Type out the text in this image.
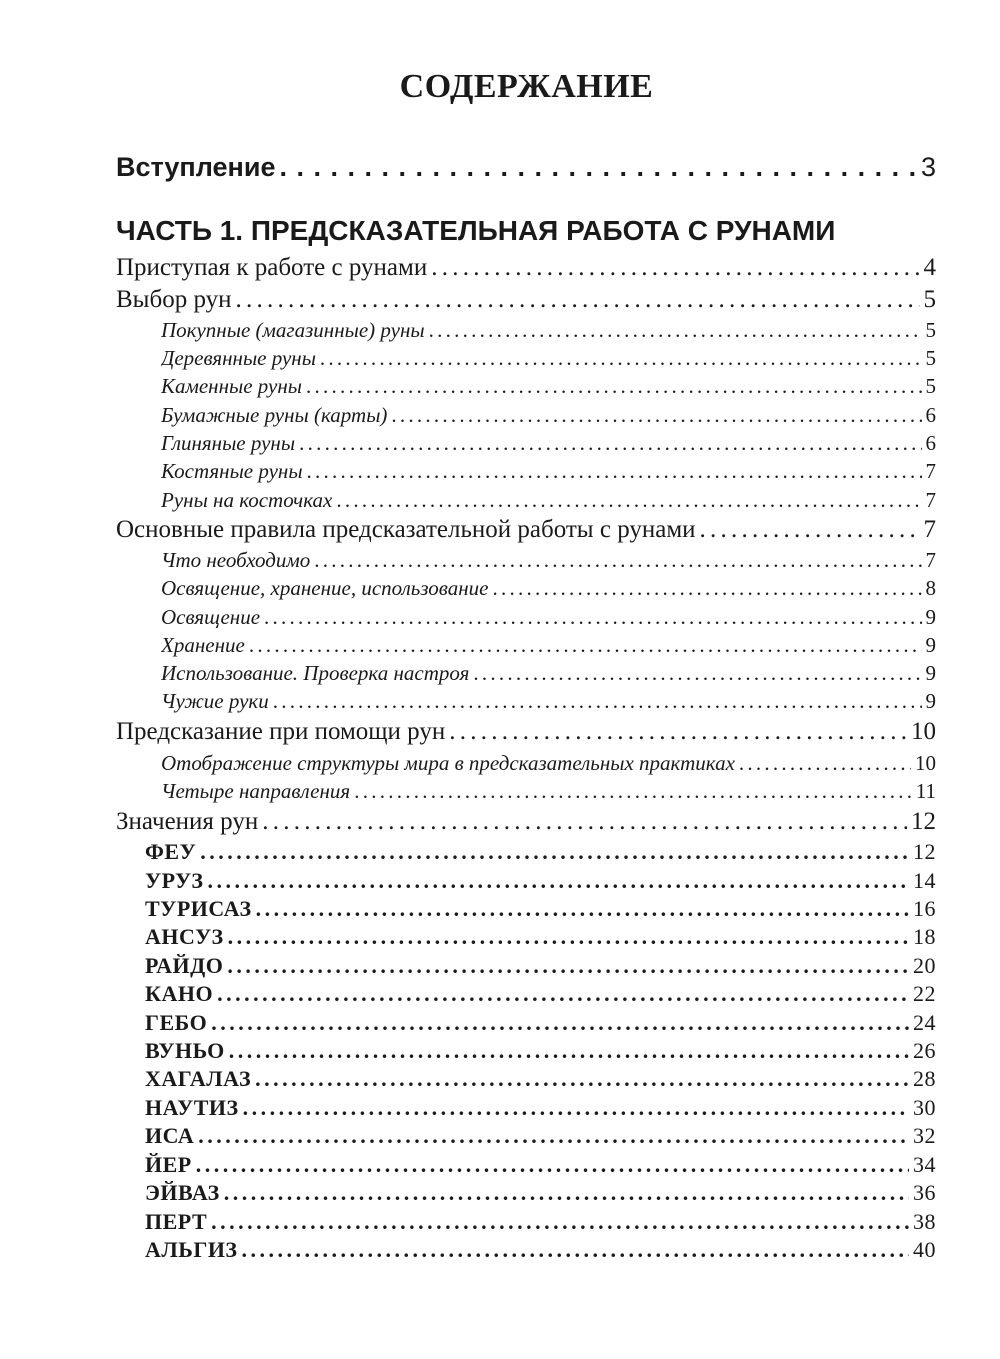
СОДЕРЖАНИЕ
Вступление . . .	3
ЧАСТЬ 1. ПРЕДСКАЗАТЕЛЬНАЯ РАБОТА С РУНАМИ
Приступая к работе с рунами . . .	4
Выбор рун . . .	5
Покупные (магазинные) руны . . .	5
Деревянные руны . . .	5
Каменные руны . . .	5
Бумажные руны (карты) . . .	6
Глиняные руны . . .	6
Костяные руны . . .	7
Руны на косточках . . .	7
Основные правила предсказательной работы с рунами . . .	7
Что необходимо . . .	7
Освящение, хранение, использование . . .	8
Освящение . . .	9
Хранение . . .	9
Использование. Проверка настроя . . .	9
Чужие руки . . .	9
Предсказание при помощи рун . . .	10
Отображение структуры мира в предсказательных практиках . . .	10
Четыре направления . . .	11
Значения рун . . .	12
ФЕУ . . .	12
УРУЗ . . .	14
ТУРИСАЗ . . .	16
АНСУЗ . . .	18
РАЙДО . . .	20
КАНО . . .	22
ГЕБО . . .	24
ВУНЬО . . .	26
ХАГАЛАЗ . . .	28
НАУТИЗ . . .	30
ИСА . . .	32
ЙЕР . . .	34
ЭЙВАЗ . . .	36
ПЕРТ . . .	38
АЛЬГИЗ . . .	40
